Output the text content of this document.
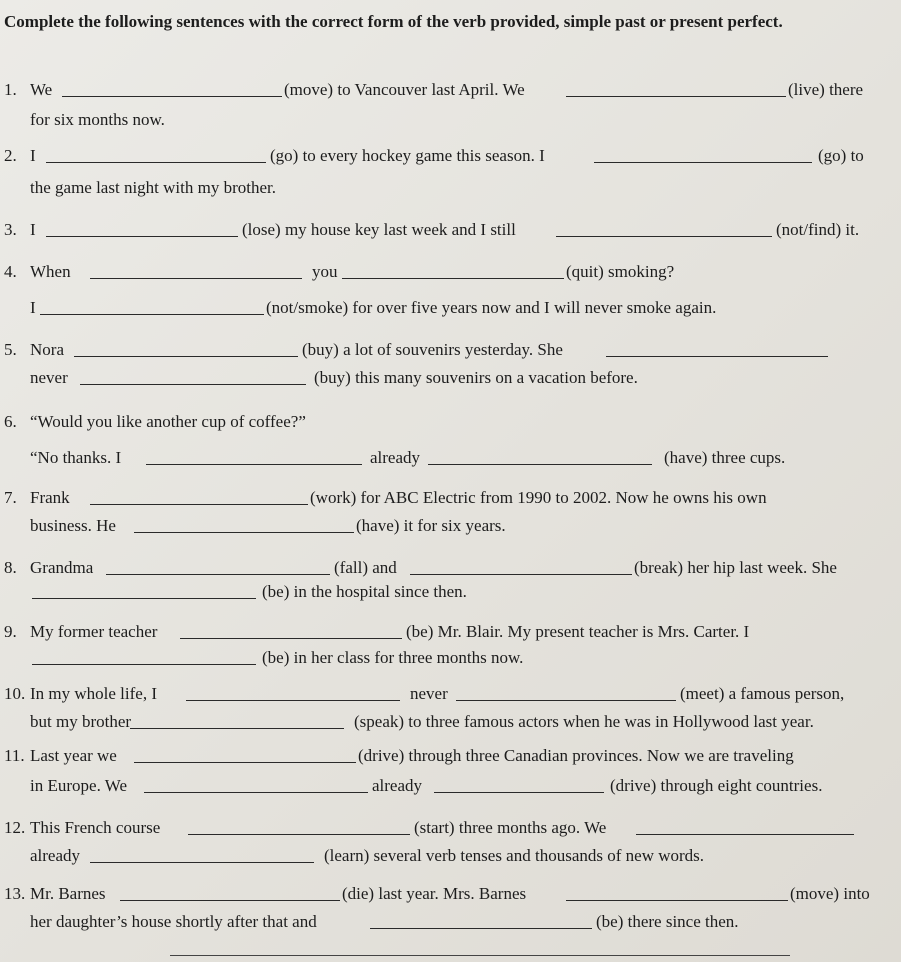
Complete the following sentences with the correct form of the verb provided, simple past or present perfect.
1. We	(move) to Vancouver last April. We	(live) there
for six months now.
2. I	(go) to every hockey game this season. I	(go) to
the game last night with my brother.
3. I	(lose) my house key last week and I still	(not/find) it.
4. When	you	(quit) smoking?
I	(not/smoke) for over five years now and I will never smoke again.
5. Nora	(buy) a lot of souvenirs yesterday. She
never	(buy) this many souvenirs on a vacation before.
6. “Would you like another cup of coffee?”
“No thanks. I	already	(have) three cups.
7. Frank	(work) for ABC Electric from 1990 to 2002. Now he owns his own
business. He	(have) it for six years.
8. Grandma	(fall) and	(break) her hip last week. She
(be) in the hospital since then.
9. My former teacher	(be) Mr. Blair. My present teacher is Mrs. Carter. I
(be) in her class for three months now.
10. In my whole life, I	never	(meet) a famous person,
but my brother	(speak) to three famous actors when he was in Hollywood last year.
11. Last year we	(drive) through three Canadian provinces. Now we are traveling
in Europe. We	already	(drive) through eight countries.
12. This French course	(start) three months ago. We
already	(learn) several verb tenses and thousands of new words.
13. Mr. Barnes	(die) last year. Mrs. Barnes	(move) into
her daughter’s house shortly after that and	(be) there since then.
